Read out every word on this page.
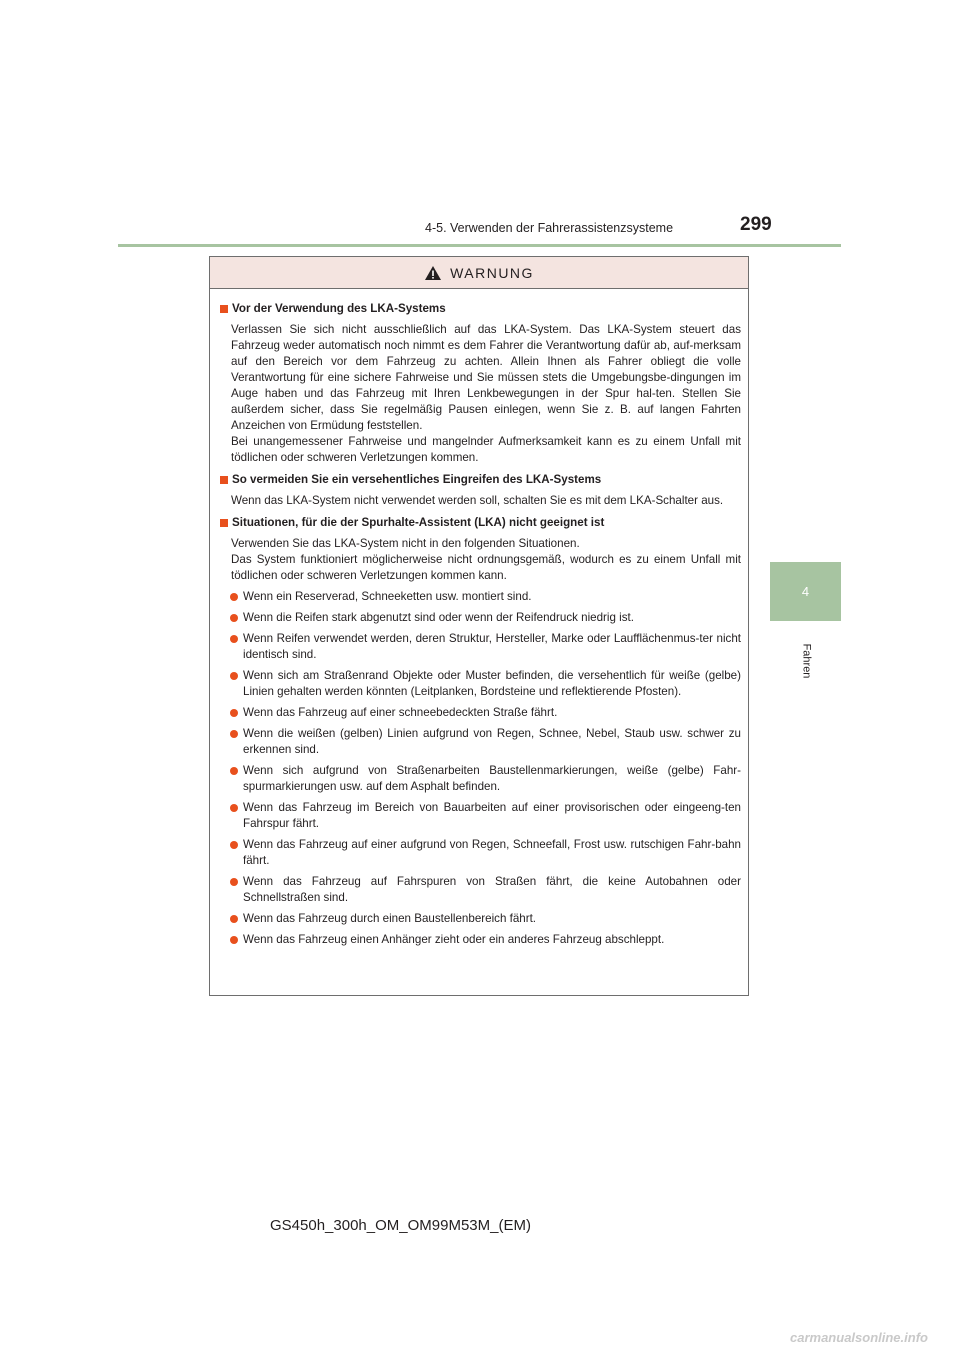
4-5. Verwenden der Fahrerassistenzsysteme	299
4
Fahren
WARNUNG
Vor der Verwendung des LKA-Systems
Verlassen Sie sich nicht ausschließlich auf das LKA-System. Das LKA-System steuert das Fahrzeug weder automatisch noch nimmt es dem Fahrer die Verantwortung dafür ab, auf-merksam auf den Bereich vor dem Fahrzeug zu achten. Allein Ihnen als Fahrer obliegt die volle Verantwortung für eine sichere Fahrweise und Sie müssen stets die Umgebungsbe-dingungen im Auge haben und das Fahrzeug mit Ihren Lenkbewegungen in der Spur hal-ten. Stellen Sie außerdem sicher, dass Sie regelmäßig Pausen einlegen, wenn Sie z. B. auf langen Fahrten Anzeichen von Ermüdung feststellen.
Bei unangemessener Fahrweise und mangelnder Aufmerksamkeit kann es zu einem Unfall mit tödlichen oder schweren Verletzungen kommen.
So vermeiden Sie ein versehentliches Eingreifen des LKA-Systems
Wenn das LKA-System nicht verwendet werden soll, schalten Sie es mit dem LKA-Schalter aus.
Situationen, für die der Spurhalte-Assistent (LKA) nicht geeignet ist
Verwenden Sie das LKA-System nicht in den folgenden Situationen.
Das System funktioniert möglicherweise nicht ordnungsgemäß, wodurch es zu einem Unfall mit tödlichen oder schweren Verletzungen kommen kann.
Wenn ein Reserverad, Schneeketten usw. montiert sind.
Wenn die Reifen stark abgenutzt sind oder wenn der Reifendruck niedrig ist.
Wenn Reifen verwendet werden, deren Struktur, Hersteller, Marke oder Laufflächenmus-ter nicht identisch sind.
Wenn sich am Straßenrand Objekte oder Muster befinden, die versehentlich für weiße (gelbe) Linien gehalten werden könnten (Leitplanken, Bordsteine und reflektierende Pfosten).
Wenn das Fahrzeug auf einer schneebedeckten Straße fährt.
Wenn die weißen (gelben) Linien aufgrund von Regen, Schnee, Nebel, Staub usw. schwer zu erkennen sind.
Wenn sich aufgrund von Straßenarbeiten Baustellenmarkierungen, weiße (gelbe) Fahr-spurmarkierungen usw. auf dem Asphalt befinden.
Wenn das Fahrzeug im Bereich von Bauarbeiten auf einer provisorischen oder eingeeng-ten Fahrspur fährt.
Wenn das Fahrzeug auf einer aufgrund von Regen, Schneefall, Frost usw. rutschigen Fahr-bahn fährt.
Wenn das Fahrzeug auf Fahrspuren von Straßen fährt, die keine Autobahnen oder Schnellstraßen sind.
Wenn das Fahrzeug durch einen Baustellenbereich fährt.
Wenn das Fahrzeug einen Anhänger zieht oder ein anderes Fahrzeug abschleppt.
GS450h_300h_OM_OM99M53M_(EM)
carmanualsonline.info
